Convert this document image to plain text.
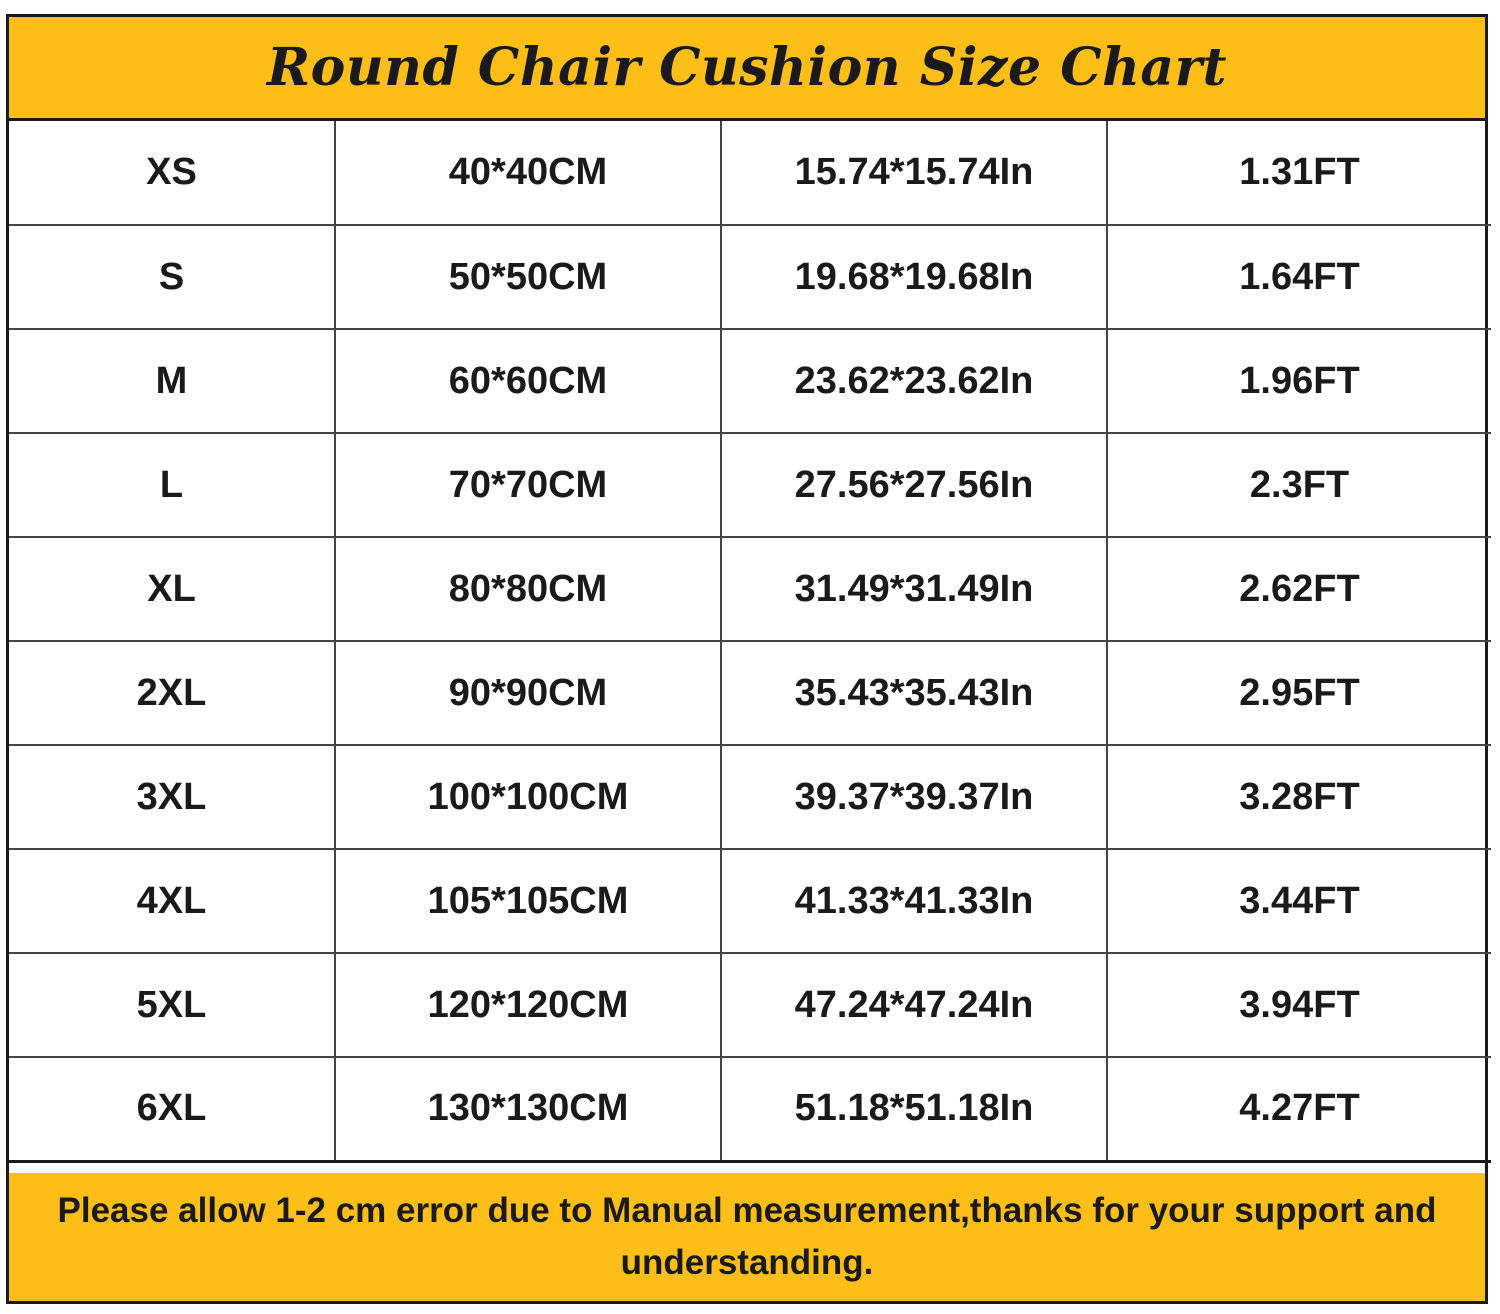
Round Chair Cushion Size Chart
XS	40*40CM	15.74*15.74In	1.31FT
S	50*50CM	19.68*19.68In	1.64FT
M	60*60CM	23.62*23.62In	1.96FT
L	70*70CM	27.56*27.56In	2.3FT
XL	80*80CM	31.49*31.49In	2.62FT
2XL	90*90CM	35.43*35.43In	2.95FT
3XL	100*100CM	39.37*39.37In	3.28FT
4XL	105*105CM	41.33*41.33In	3.44FT
5XL	120*120CM	47.24*47.24In	3.94FT
6XL	130*130CM	51.18*51.18In	4.27FT
Please allow 1-2 cm error due to Manual measurement,thanks for your support and understanding.
